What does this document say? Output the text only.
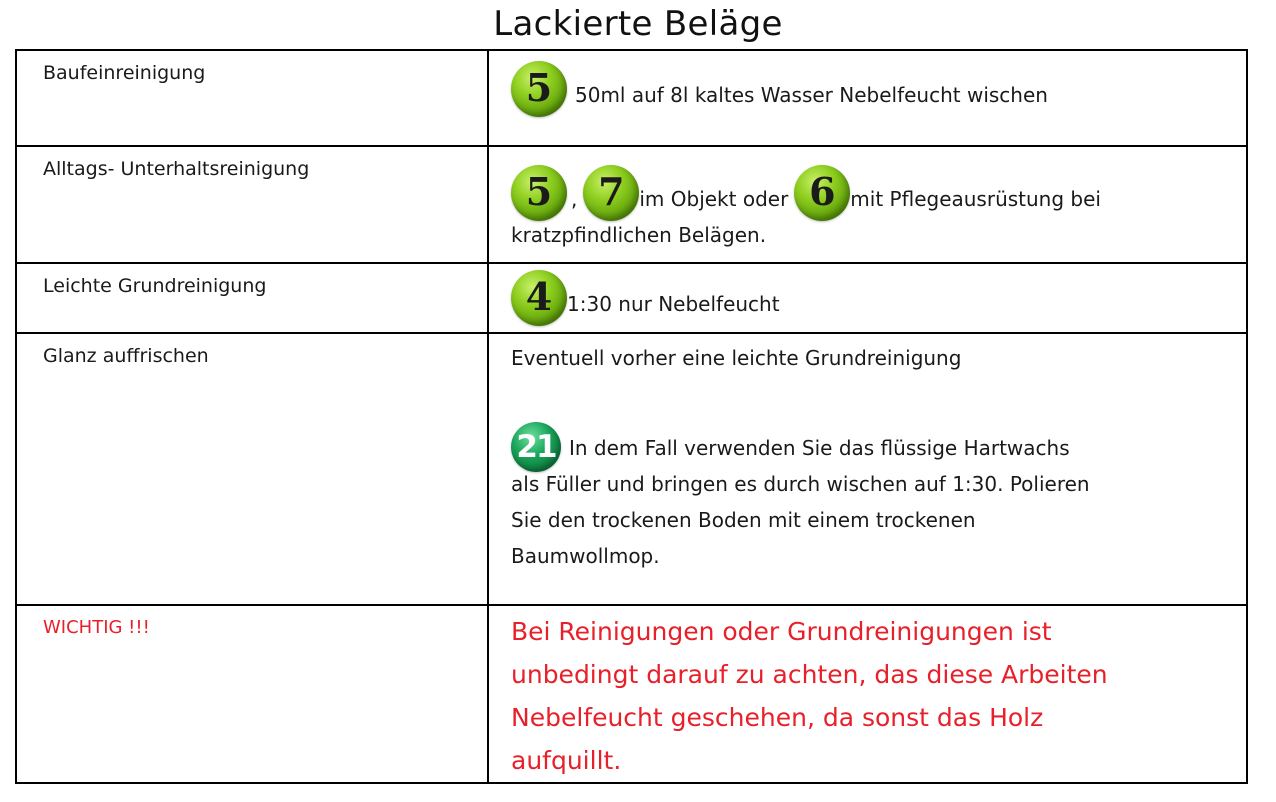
Lackierte Beläge
Baufeinreinigung	5 50ml auf 8l kaltes Wasser Nebelfeucht wischen

Alltags- Unterhaltsreinigung	5 , 7 im Objekt oder 6 mit Pflegeausrüstung bei
kratzpfindlichen Belägen.

Leichte Grundreinigung	4 1:30 nur Nebelfeucht

Glanz auffrischen	Eventuell vorher eine leichte Grundreinigung
21 In dem Fall verwenden Sie das flüssige Hartwachs
als Füller und bringen es durch wischen auf 1:30. Polieren
Sie den trockenen Boden mit einem trockenen
Baumwollmop.

WICHTIG !!!	Bei Reinigungen oder Grundreinigungen ist
unbedingt darauf zu achten, das diese Arbeiten
Nebelfeucht geschehen, da sonst das Holz
aufquillt.
